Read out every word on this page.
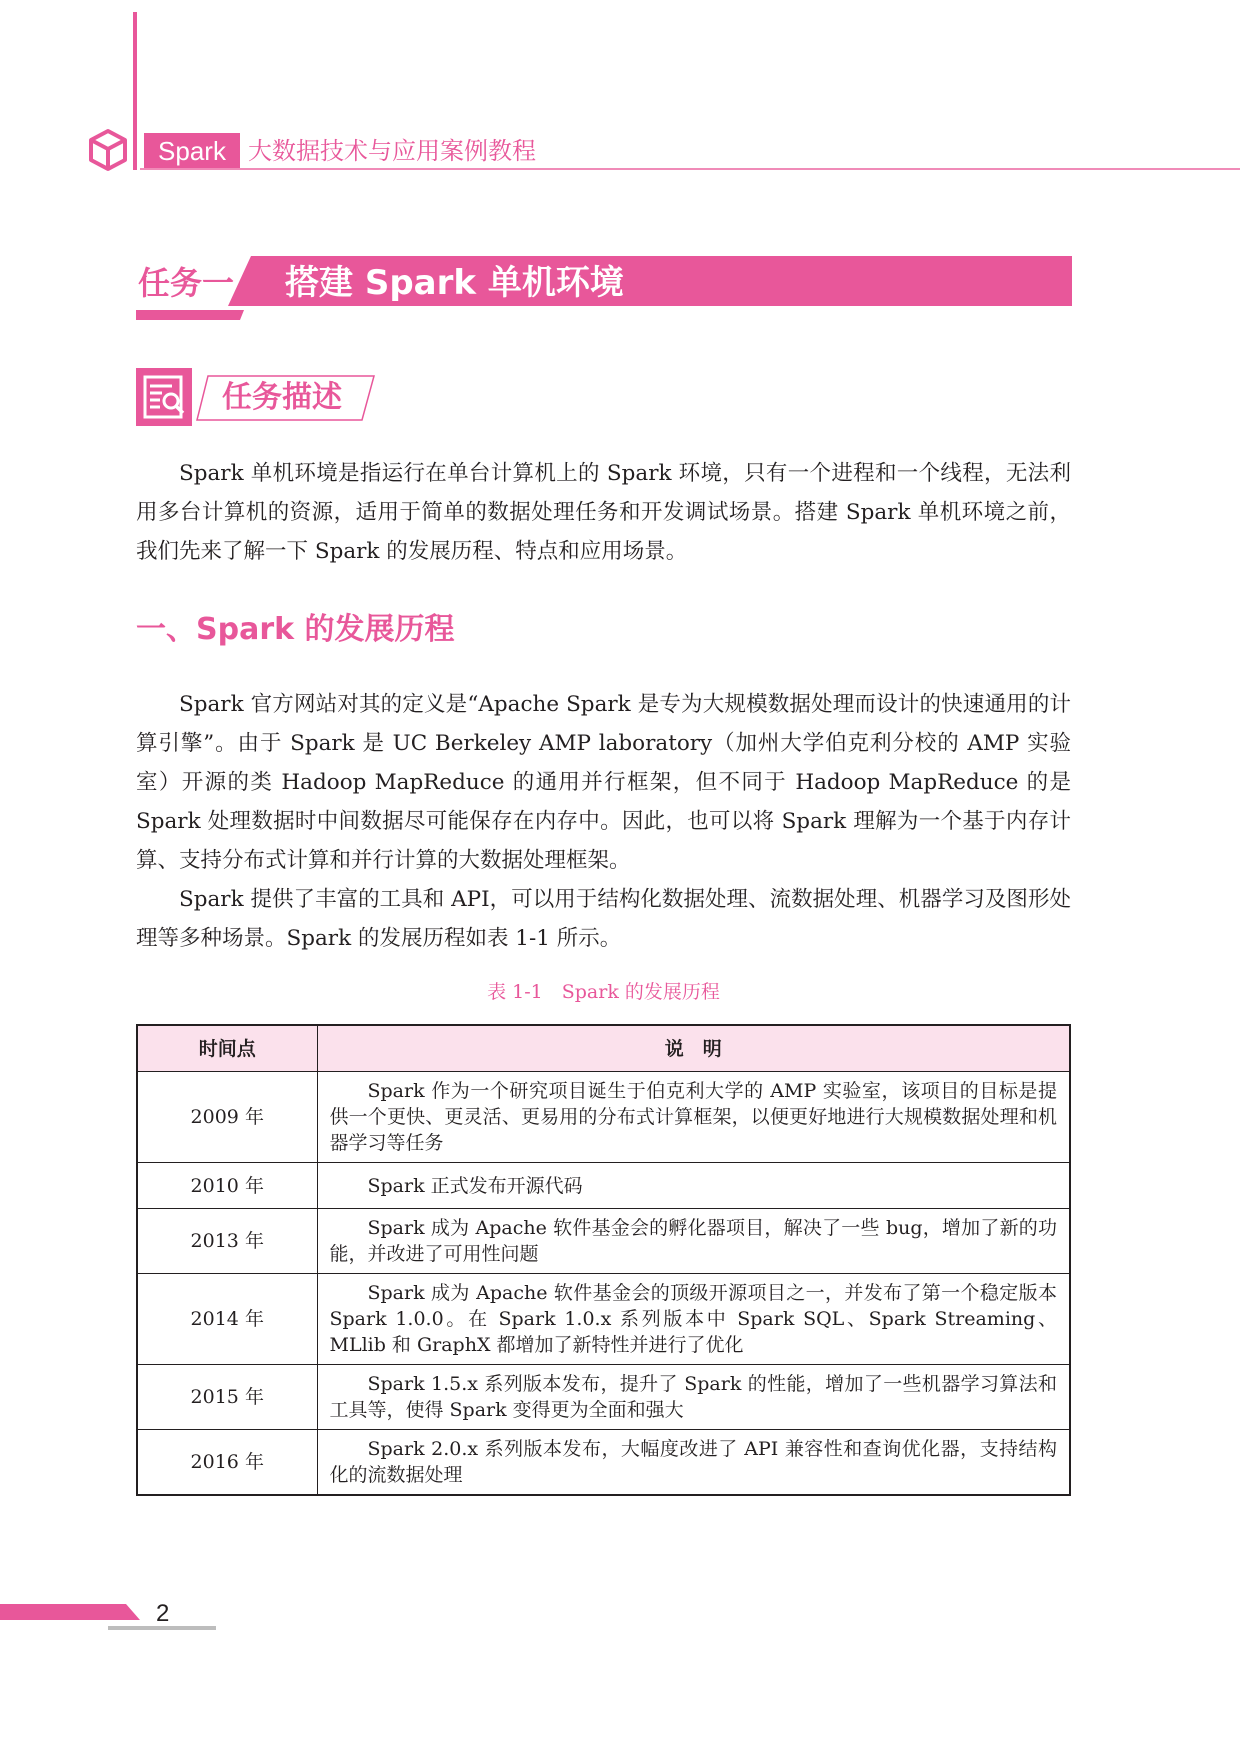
Spark 大数据技术与应用案例教程
任务一 搭建 Spark 单机环境
任务描述

Spark 单机环境是指运行在单台计算机上的 Spark 环境，只有一个进程和一个线程，无法利用多台计算机的资源，适用于简单的数据处理任务和开发调试场景。搭建 Spark 单机环境之前，我们先来了解一下 Spark 的发展历程、特点和应用场景。

一、Spark 的发展历程

Spark 官方网站对其的定义是“Apache Spark 是专为大规模数据处理而设计的快速通用的计算引擎”。由于 Spark 是 UC Berkeley AMP laboratory（加州大学伯克利分校的 AMP 实验室）开源的类 Hadoop MapReduce 的通用并行框架，但不同于 Hadoop MapReduce 的是 Spark 处理数据时中间数据尽可能保存在内存中。因此，也可以将 Spark 理解为一个基于内存计算、支持分布式计算和并行计算的大数据处理框架。

Spark 提供了丰富的工具和 API，可以用于结构化数据处理、流数据处理、机器学习及图形处理等多种场景。Spark 的发展历程如表 1-1 所示。

表 1-1　Spark 的发展历程
时间点	说　明
2009 年	Spark 作为一个研究项目诞生于伯克利大学的 AMP 实验室，该项目的目标是提供一个更快、更灵活、更易用的分布式计算框架，以便更好地进行大规模数据处理和机器学习等任务
2010 年	Spark 正式发布开源代码
2013 年	Spark 成为 Apache 软件基金会的孵化器项目，解决了一些 bug，增加了新的功能，并改进了可用性问题
2014 年	Spark 成为 Apache 软件基金会的顶级开源项目之一，并发布了第一个稳定版本 Spark 1.0.0。在 Spark 1.0.x 系列版本中 Spark SQL、Spark Streaming、MLlib 和 GraphX 都增加了新特性并进行了优化
2015 年	Spark 1.5.x 系列版本发布，提升了 Spark 的性能，增加了一些机器学习算法和工具等，使得 Spark 变得更为全面和强大
2016 年	Spark 2.0.x 系列版本发布，大幅度改进了 API 兼容性和查询优化器，支持结构化的流数据处理
2
